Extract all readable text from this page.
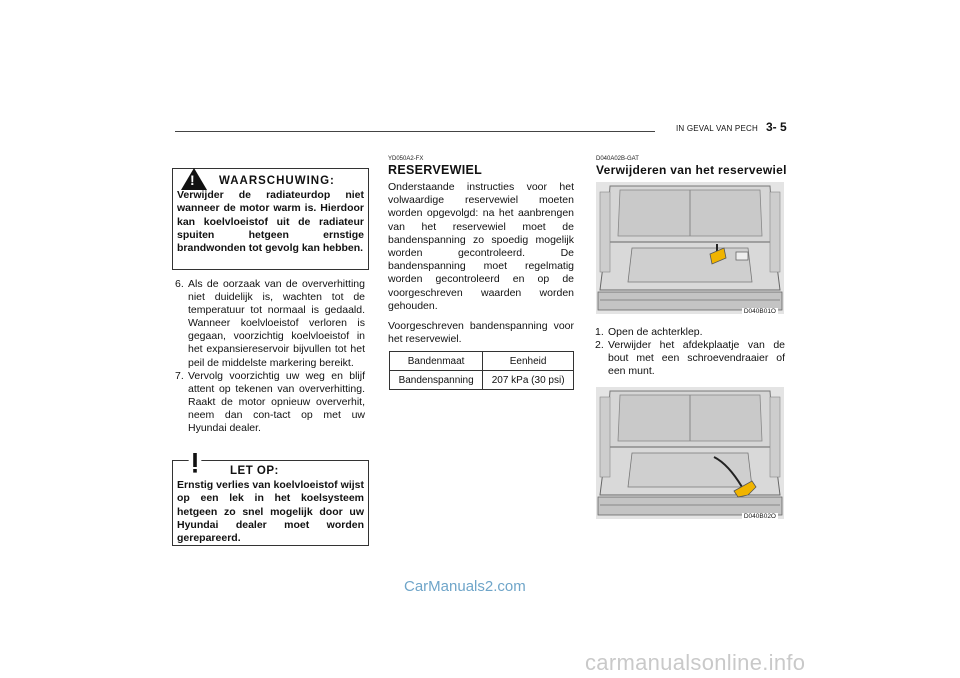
IN GEVAL VAN PECH 3- 5
! WAARSCHUWING:
Verwijder de radiateurdop niet wanneer de motor warm is. Hierdoor kan koelvloeistof uit de radiateur spuiten hetgeen ernstige brandwonden tot gevolg kan hebben.
6. Als de oorzaak van de oververhitting niet duidelijk is, wachten tot de temperatuur tot normaal is gedaald. Wanneer koelvloeistof verloren is gegaan, voorzichtig koelvloeistof in het expansiereservoir bijvullen tot het peil de middelste markering bereikt.
7. Vervolg voorzichtig uw weg en blijf attent op tekenen van oververhitting. Raakt de motor opnieuw oververhit, neem dan con-tact op met uw Hyundai dealer.
LET OP:
Ernstig verlies van koelvloeistof wijst op een lek in het koelsysteem hetgeen zo snel mogelijk door uw Hyundai dealer moet worden gerepareerd.
YD050A2-FX
RESERVEWIEL

Onderstaande instructies voor het volwaardige reservewiel moeten worden opgevolgd: na het aanbrengen van het reservewiel moet de bandenspanning zo spoedig mogelijk worden gecontroleerd. De bandenspanning moet regelmatig worden gecontroleerd en op de voorgeschreven waarden worden gehouden.

Voorgeschreven bandenspanning voor het reservewiel.

Bandenmaat	Eenheid
Bandenspanning	207 kPa (30 psi)
D040A02B-GAT
Verwijderen van het reservewiel
D040B01O
1. Open de achterklep.
2. Verwijder het afdekplaatje van de bout met een schroevendraaier of een munt.
D040B02O
CarManuals2.com
carmanualsonline.info
